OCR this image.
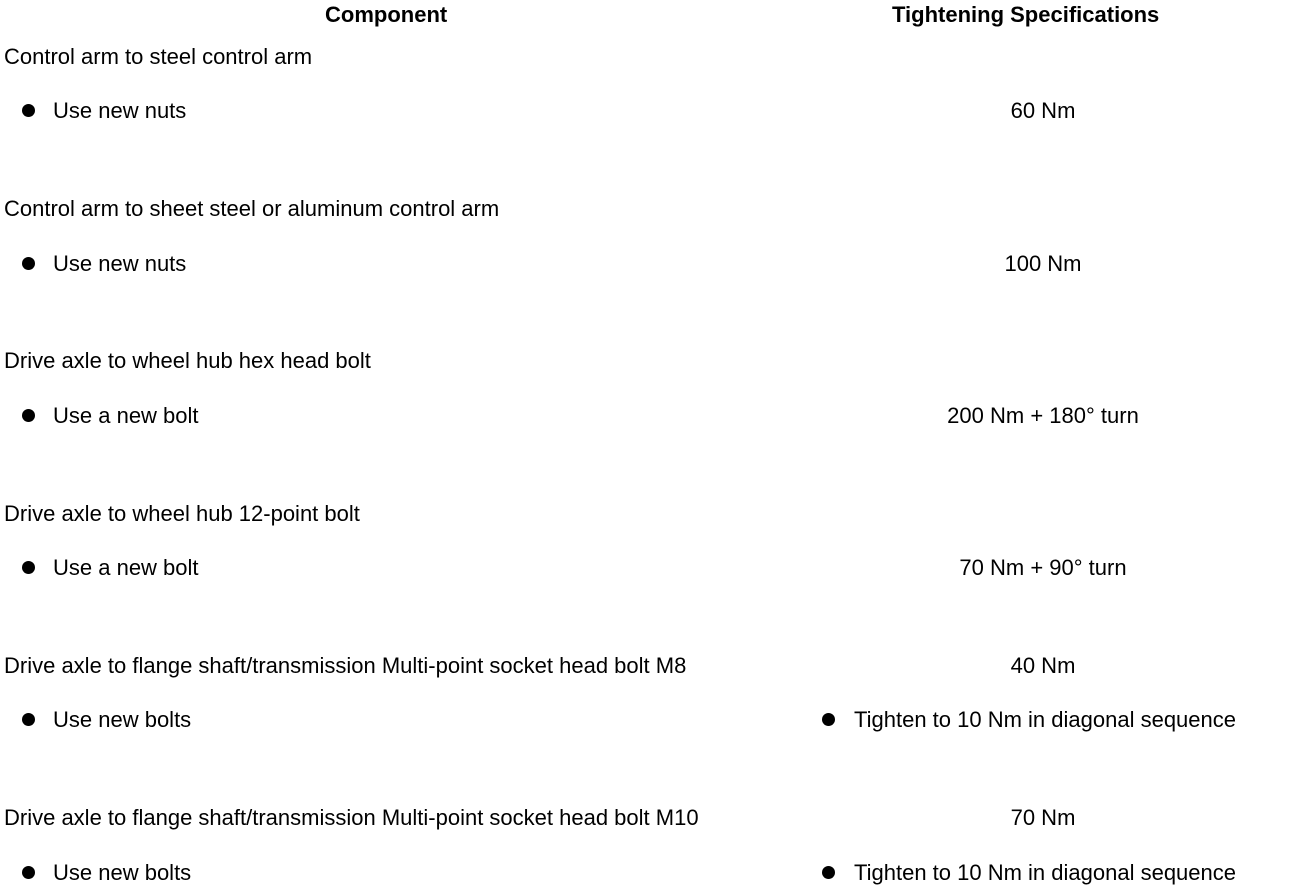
Component	Tightening Specifications
Control arm to steel control arm
Use new nuts	60 Nm
Control arm to sheet steel or aluminum control arm
Use new nuts	100 Nm
Drive axle to wheel hub hex head bolt
Use a new bolt	200 Nm + 180° turn
Drive axle to wheel hub 12-point bolt
Use a new bolt	70 Nm + 90° turn
Drive axle to flange shaft/transmission Multi-point socket head bolt M8	40 Nm
Use new bolts	Tighten to 10 Nm in diagonal sequence
Drive axle to flange shaft/transmission Multi-point socket head bolt M10	70 Nm
Use new bolts	Tighten to 10 Nm in diagonal sequence
